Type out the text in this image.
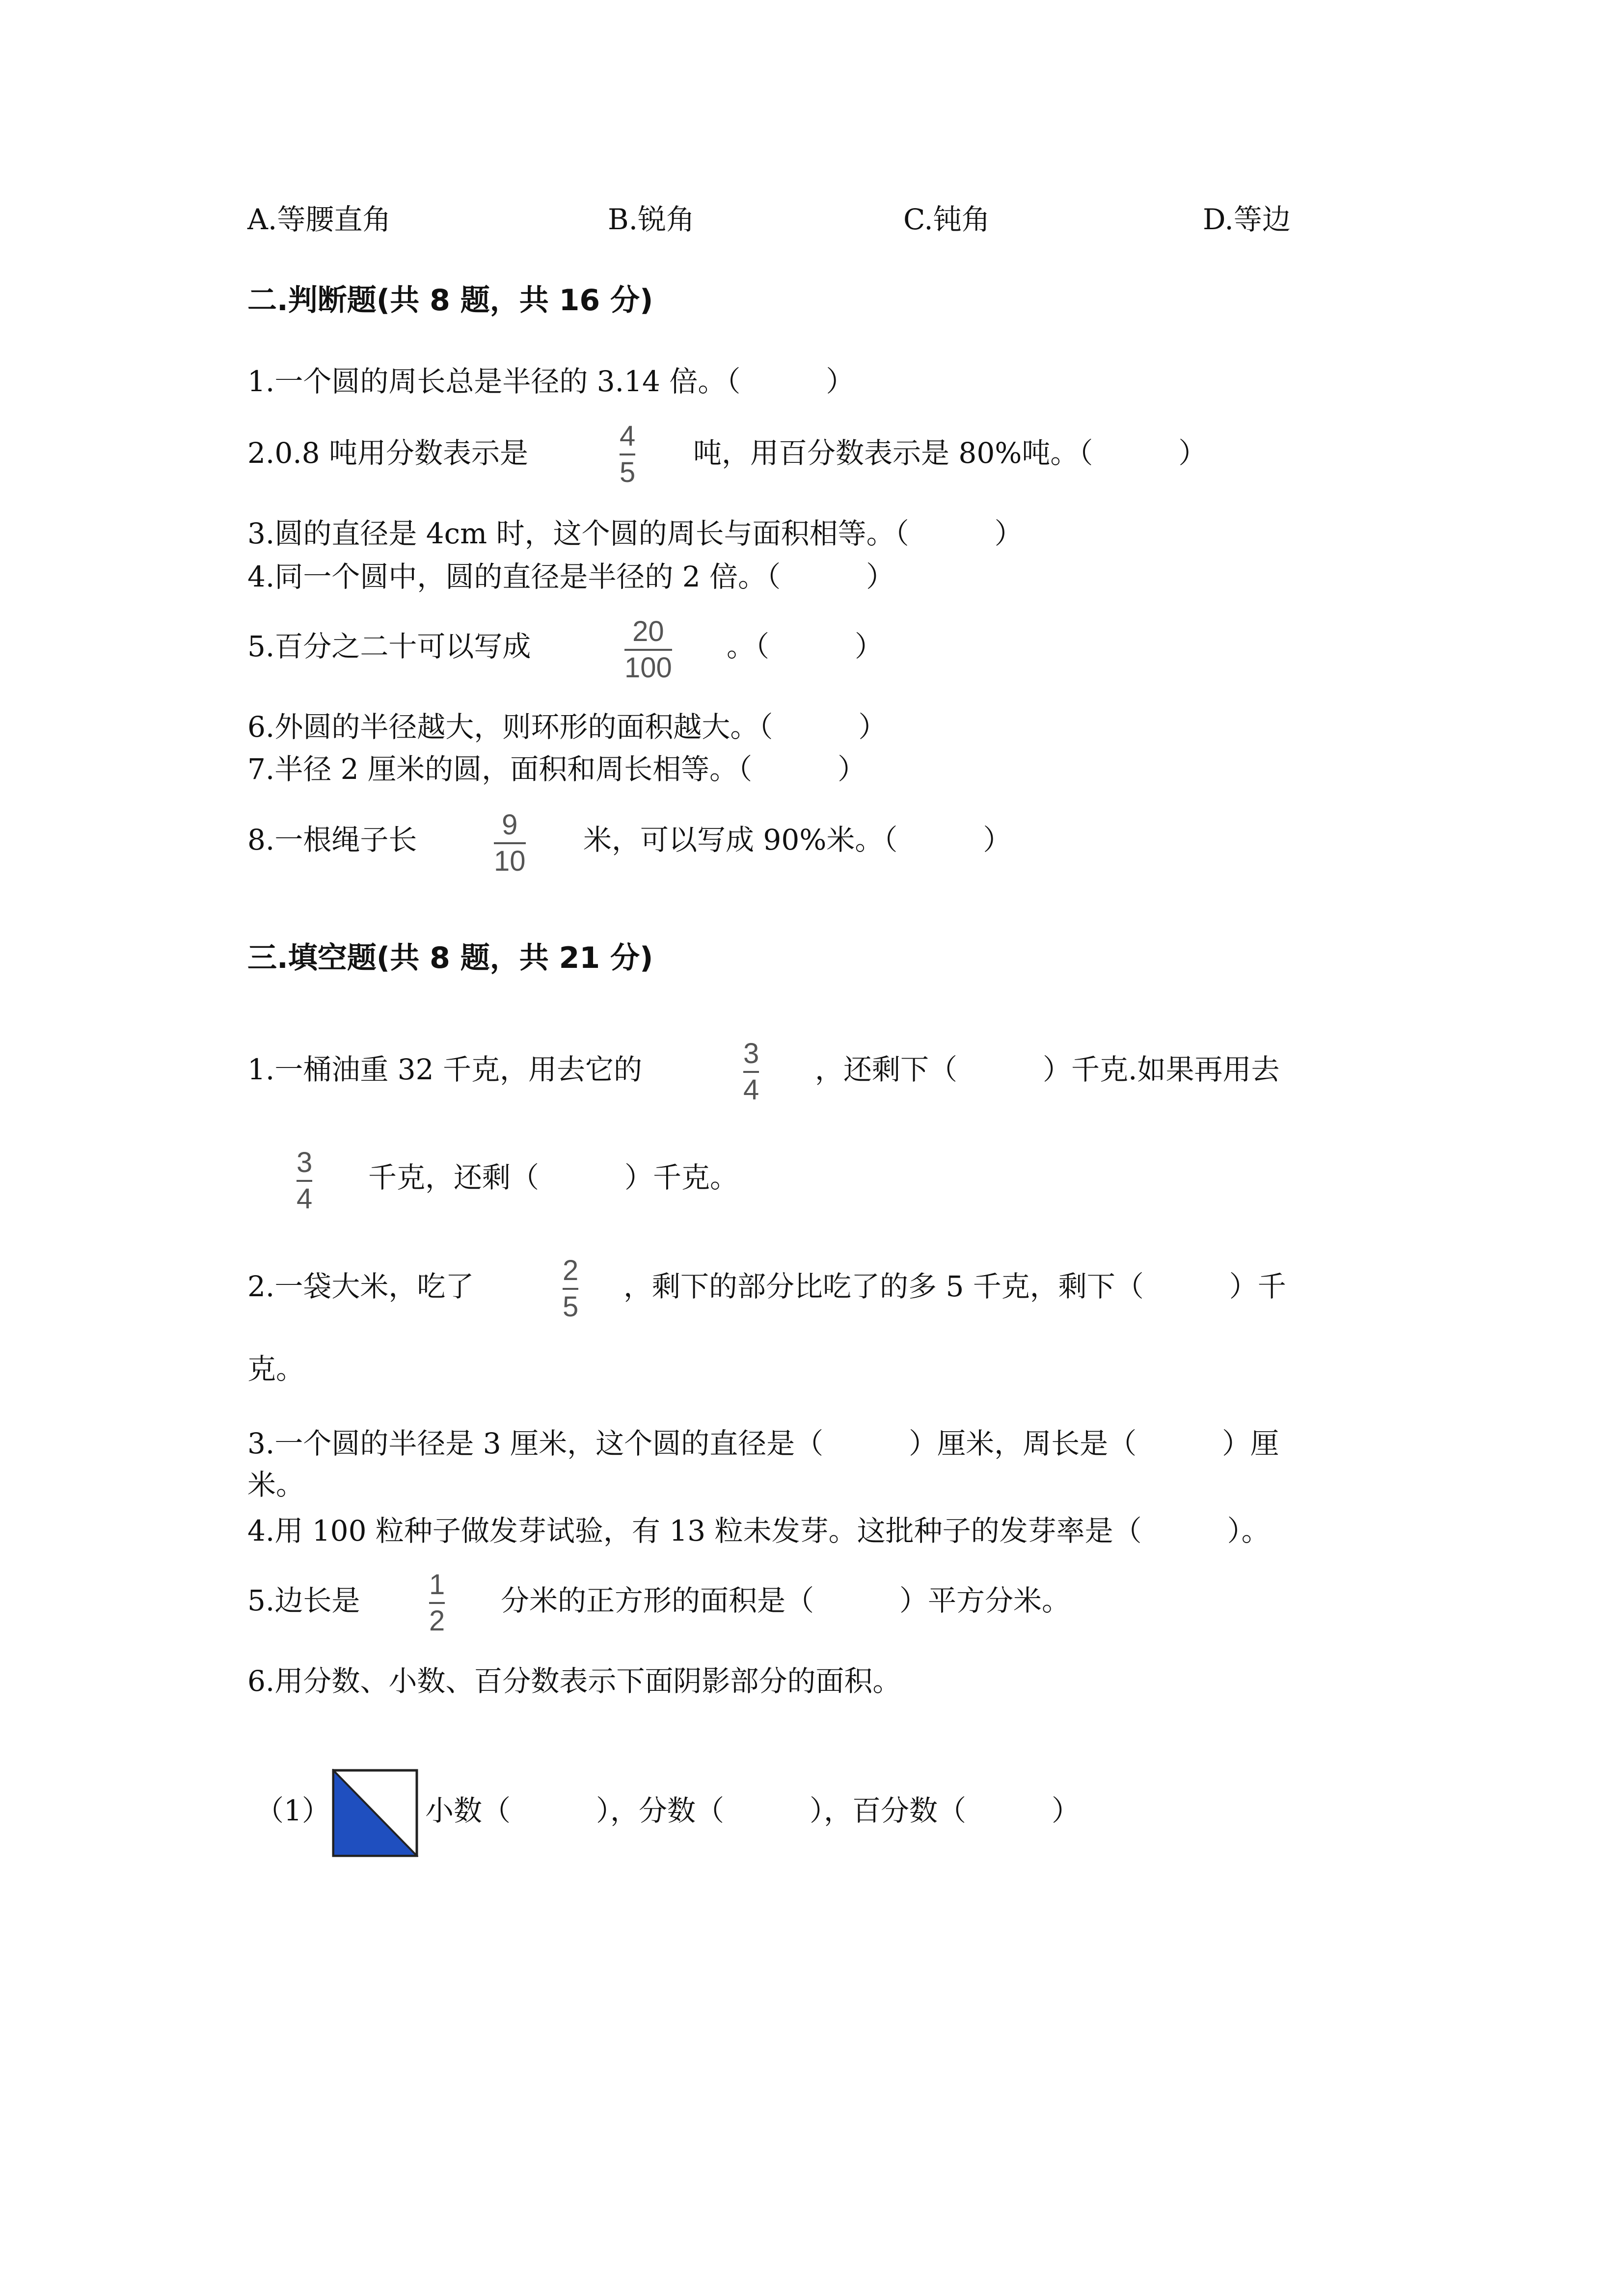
A.等腰直角	B.锐角	C.钝角	D.等边
二.判断题(共 8 题，共 16 分)
1.一个圆的周长总是半径的 3.14 倍。（　　　）
2.0.8 吨用分数表示是
4
5
吨，用百分数表示是 80%吨。（　　　）
3.圆的直径是 4cm 时，这个圆的周长与面积相等。（　　　）
4.同一个圆中，圆的直径是半径的 2 倍。（　　　）
5.百分之二十可以写成	20
100
。（　　　）
6.外圆的半径越大，则环形的面积越大。（　　　）
7.半径 2 厘米的圆，面积和周长相等。（　　　）
8.一根绳子长	9
10
米，可以写成 90%米。（　　　）
三.填空题(共 8 题，共 21 分)
1.一桶油重 32 千克，用去它的	3
4
，还剩下（　　　）千克.如果再用去
3
4
千克，还剩（　　　）千克。
2.一袋大米，吃了	2
5
，剩下的部分比吃了的多 5 千克，剩下（　　　）千
克。
3.一个圆的半径是 3 厘米，这个圆的直径是（　　　）厘米，周长是（　　　）厘
米。
4.用 100 粒种子做发芽试验，有 13 粒未发芽。这批种子的发芽率是（　　　）。
5.边长是 1
2
分米的正方形的面积是（　　　）平方分米。
6.用分数、小数、百分数表示下面阴影部分的面积。
（1）	小数（　　　），分数（　　　），百分数（　　　）
